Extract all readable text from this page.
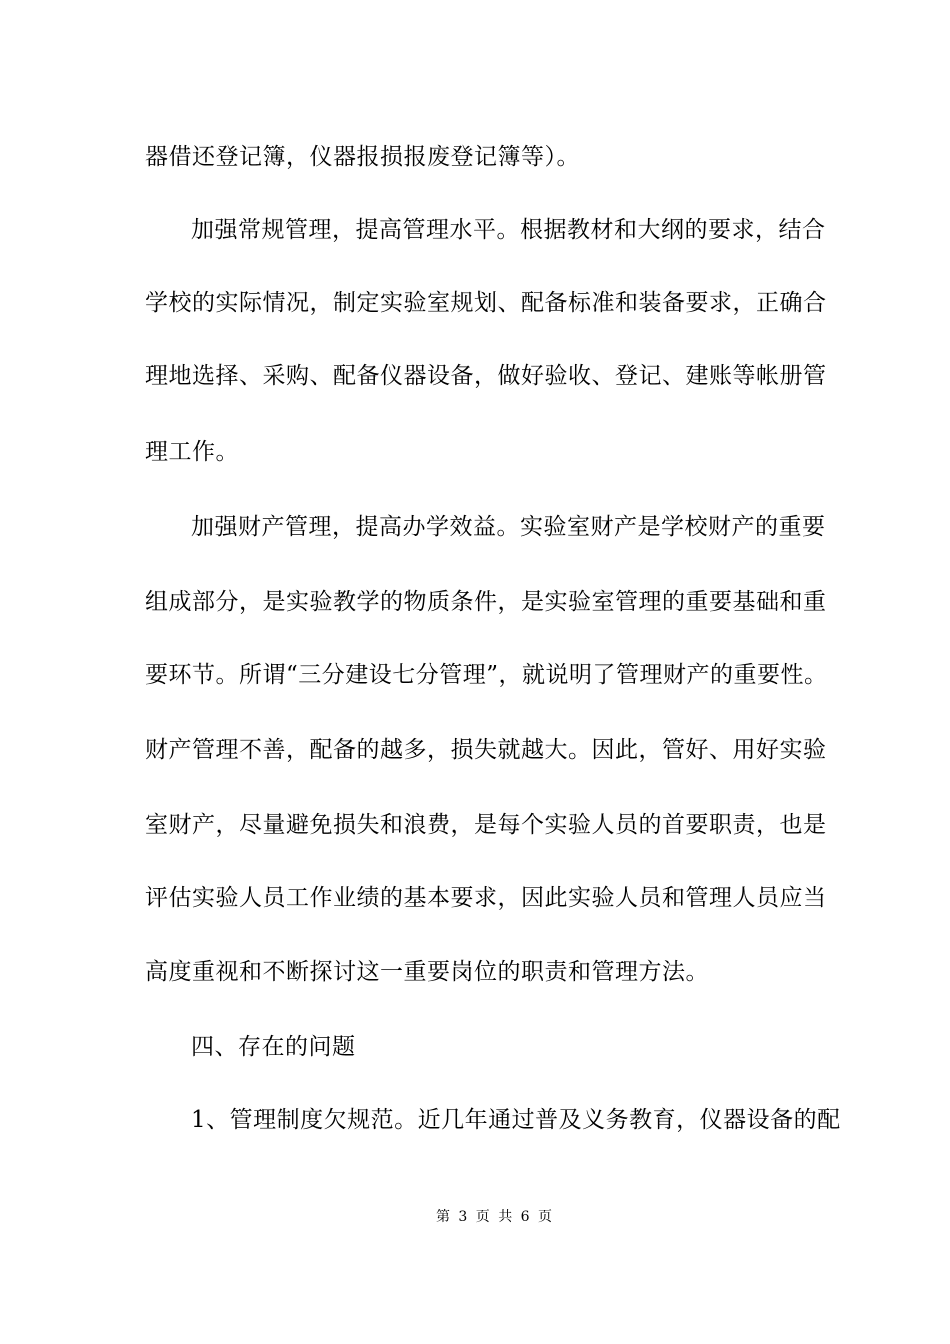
器借还登记簿，仪器报损报废登记簿等）。
加强常规管理，提高管理水平。根据教材和大纲的要求，结合
学校的实际情况，制定实验室规划、配备标准和装备要求，正确合
理地选择、采购、配备仪器设备，做好验收、登记、建账等帐册管
理工作。
加强财产管理，提高办学效益。实验室财产是学校财产的重要
组成部分，是实验教学的物质条件，是实验室管理的重要基础和重
要环节。所谓“三分建设七分管理”，就说明了管理财产的重要性。
财产管理不善，配备的越多，损失就越大。因此，管好、用好实验
室财产，尽量避免损失和浪费，是每个实验人员的首要职责，也是
评估实验人员工作业绩的基本要求，因此实验人员和管理人员应当
高度重视和不断探讨这一重要岗位的职责和管理方法。
四、存在的问题
1、管理制度欠规范。近几年通过普及义务教育，仪器设备的配
第 3 页 共 6 页
